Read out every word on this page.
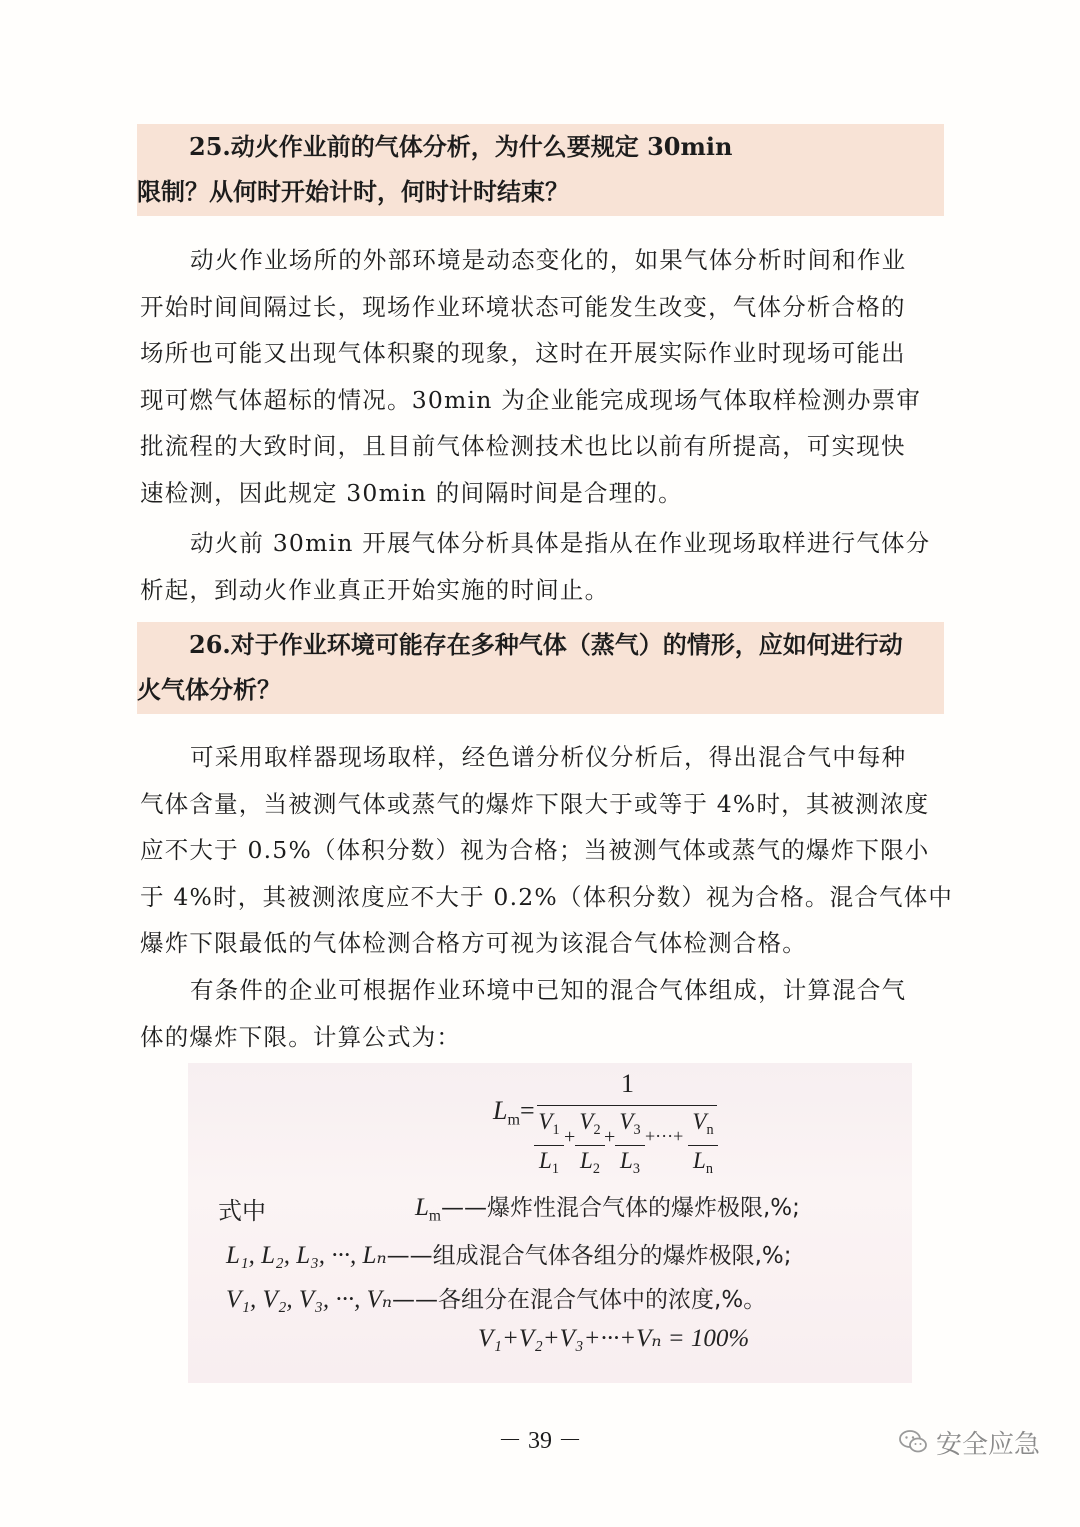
25.动火作业前的气体分析，为什么要规定 30min
限制？从何时开始计时，何时计时结束？
动火作业场所的外部环境是动态变化的，如果气体分析时间和作业
开始时间间隔过长，现场作业环境状态可能发生改变，气体分析合格的
场所也可能又出现气体积聚的现象，这时在开展实际作业时现场可能出
现可燃气体超标的情况。30min 为企业能完成现场气体取样检测办票审
批流程的大致时间，且目前气体检测技术也比以前有所提高，可实现快
速检测，因此规定 30min 的间隔时间是合理的。
动火前 30min 开展气体分析具体是指从在作业现场取样进行气体分
析起，到动火作业真正开始实施的时间止。
26.对于作业环境可能存在多种气体（蒸气）的情形，应如何进行动
火气体分析？
可采用取样器现场取样，经色谱分析仪分析后，得出混合气中每种
气体含量，当被测气体或蒸气的爆炸下限大于或等于 4%时，其被测浓度
应不大于 0.5%（体积分数）视为合格；当被测气体或蒸气的爆炸下限小
于 4%时，其被测浓度应不大于 0.2%（体积分数）视为合格。混合气体中
爆炸下限最低的气体检测合格方可视为该混合气体检测合格。
有条件的企业可根据作业环境中已知的混合气体组成，计算混合气
体的爆炸下限。计算公式为：
$L_m=$
1
$V_1$
$L_1$
+
$V_2$
$L_2$
+
$V_3$
$L_3$
+···+
$V_n$
$L_n$
式中	$L_m——$爆炸性混合气体的爆炸极限,%;
L₁, L₂, L₃, ···, Lₙ——组成混合气体各组分的爆炸极限,%;
V₁, V₂, V₃, ···, Vₙ——各组分在混合气体中的浓度,%。
V₁+V₂+V₃+···+Vₙ = 100%
－ 39 －	安全应急
